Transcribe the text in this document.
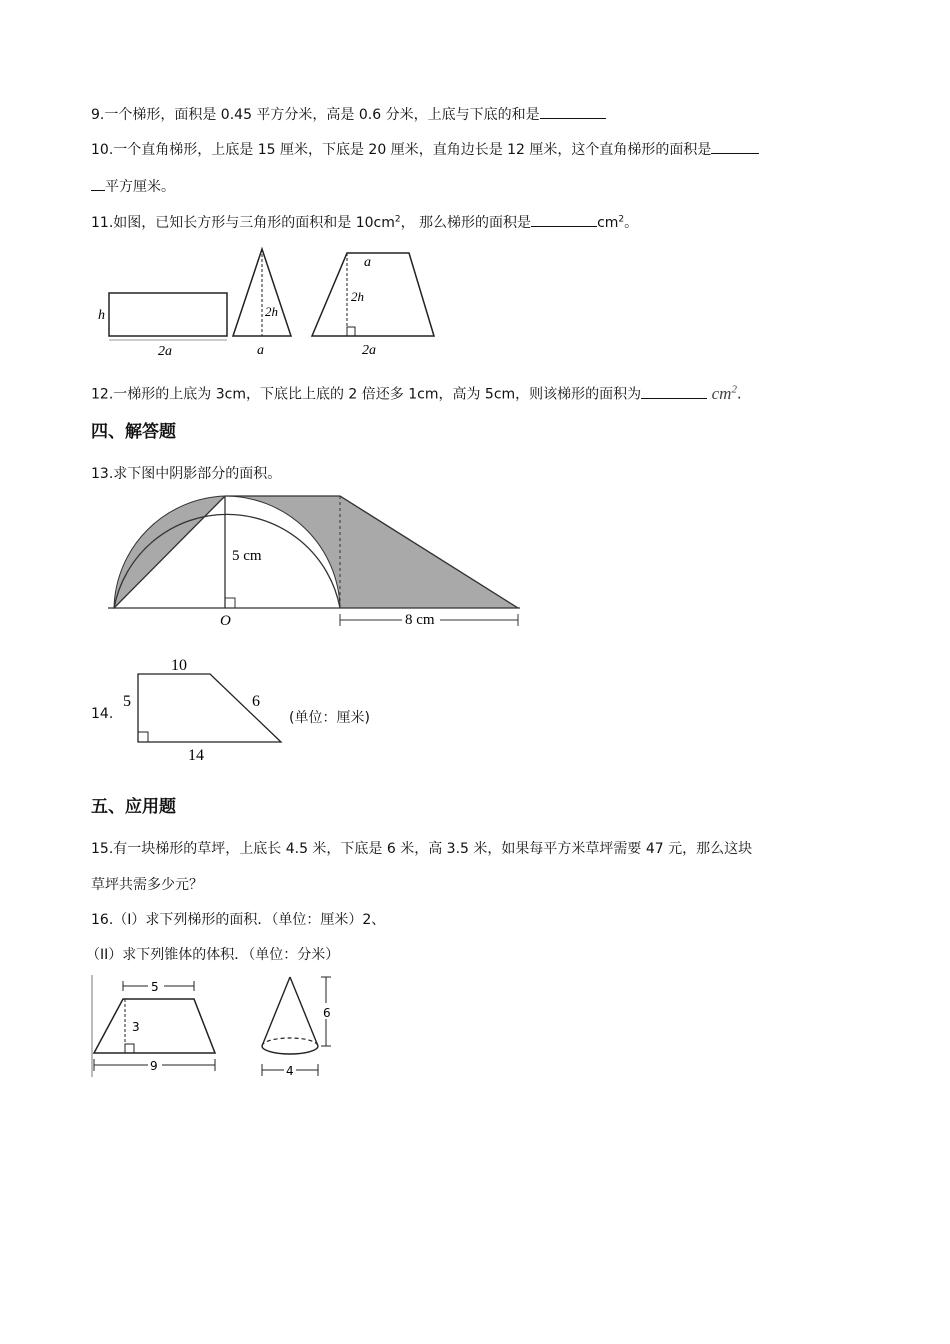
9.一个梯形，面积是 0.45 平方分米，高是 0.6 分米，上底与下底的和是
10.一个直角梯形，上底是 15 厘米，下底是 20 厘米，直角边长是 12 厘米，这个直角梯形的面积是
平方厘米。
11.如图，已知长方形与三角形的面积和是 $10cm^2$， 那么梯形的面积是	$cm^2$。
h
2a
2h
a
a
2h
2a
12.一梯形的上底为 3cm，下底比上底的 2 倍还多 1cm，高为 5cm，则该梯形的面积为	$cm^2$.
四、解答题
13.求下图中阴影部分的面积。
5 cm
O	8 cm
14.
10
5	6
14
(单位：厘米)
五、应用题
15.有一块梯形的草坪，上底长 4.5 米，下底是 6 米，高 3.5 米，如果每平方米草坪需要 47 元，那么这块
草坪共需多少元？
16.（I）求下列梯形的面积．（单位：厘米）2、
（II）求下列锥体的体积．（单位：分米）
5
3
9
6
4
